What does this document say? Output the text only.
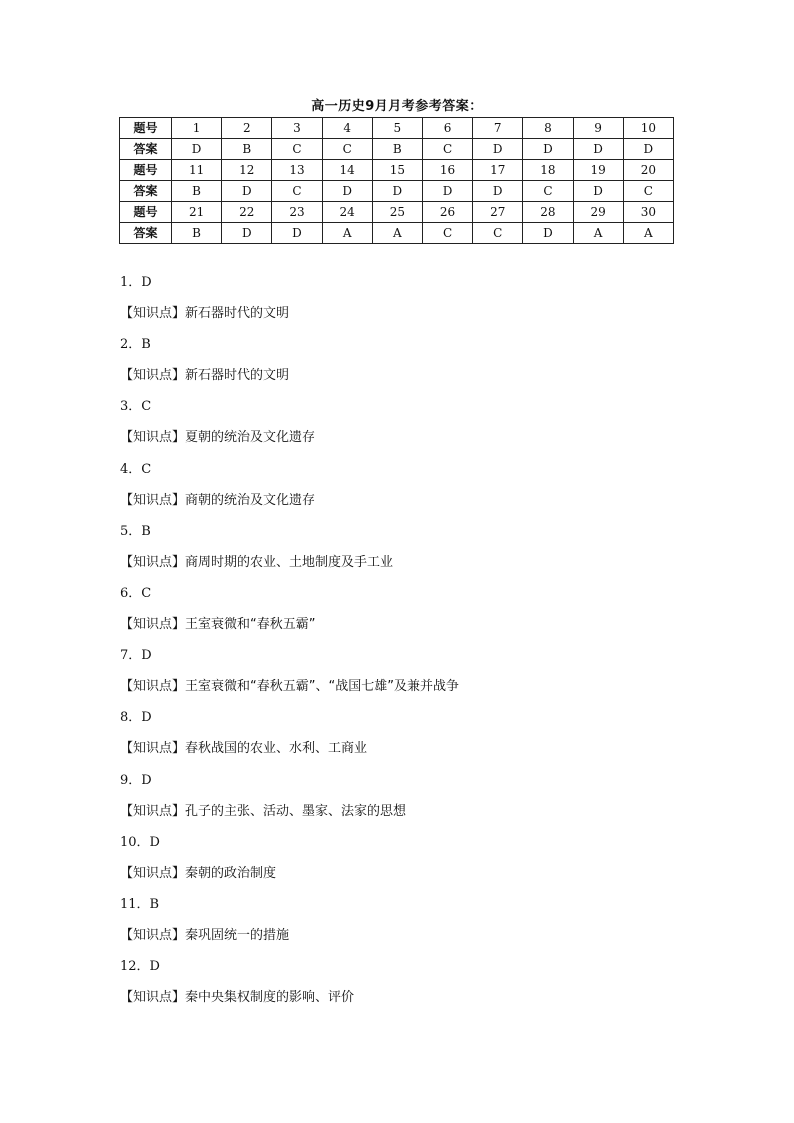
高一历史9月月考参考答案：
题号	1	2	3	4	5	6	7	8	9	10
答案	D	B	C	C	B	C	D	D	D	D
题号	11	12	13	14	15	16	17	18	19	20
答案	B	D	C	D	D	D	D	C	D	C
题号	21	22	23	24	25	26	27	28	29	30
答案	B	D	D	A	A	C	C	D	A	A
1．D
【知识点】新石器时代的文明
2．B
【知识点】新石器时代的文明
3．C
【知识点】夏朝的统治及文化遗存
4．C
【知识点】商朝的统治及文化遗存
5．B
【知识点】商周时期的农业、土地制度及手工业
6．C
【知识点】王室衰微和“春秋五霸”
7．D
【知识点】王室衰微和“春秋五霸”、“战国七雄”及兼并战争
8．D
【知识点】春秋战国的农业、水利、工商业
9．D
【知识点】孔子的主张、活动、墨家、法家的思想
10．D
【知识点】秦朝的政治制度
11．B
【知识点】秦巩固统一的措施
12．D
【知识点】秦中央集权制度的影响、评价
